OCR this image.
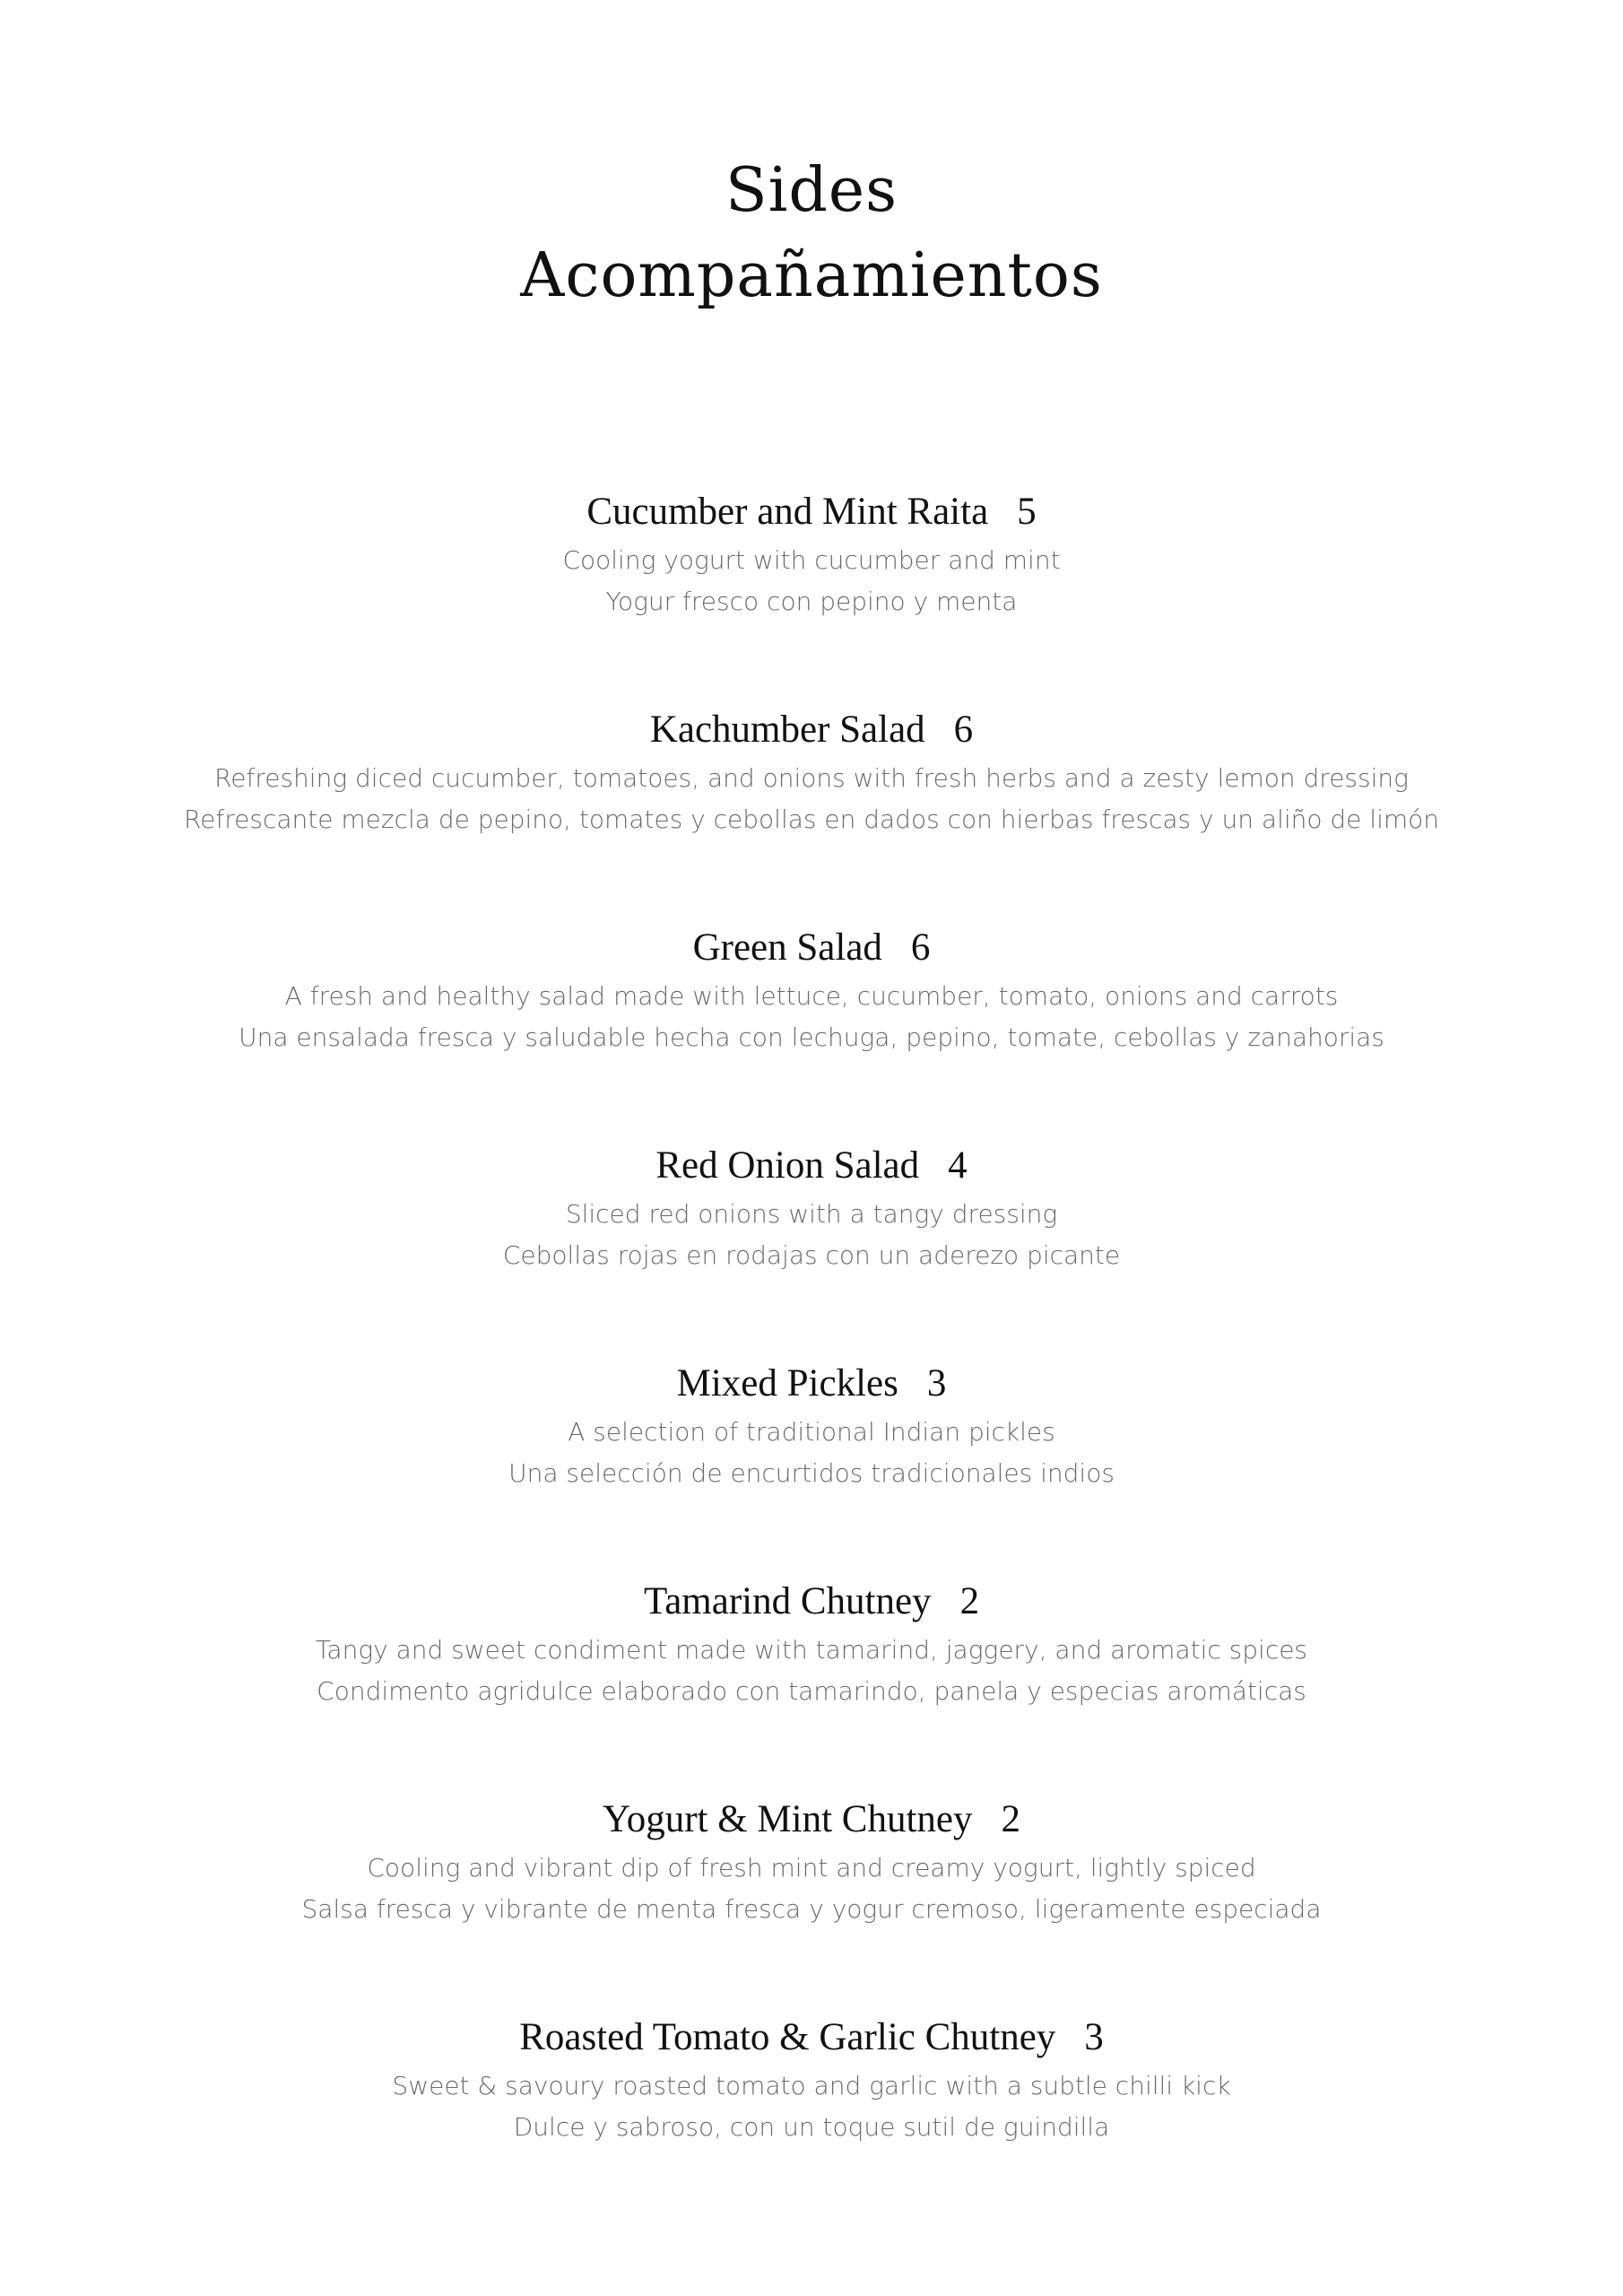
Sides
Acompañamientos
Cucumber and Mint Raita 5
Cooling yogurt with cucumber and mint
Yogur fresco con pepino y menta
Kachumber Salad 6
Refreshing diced cucumber, tomatoes, and onions with fresh herbs and a zesty lemon dressing
Refrescante mezcla de pepino, tomates y cebollas en dados con hierbas frescas y un aliño de limón
Green Salad 6
A fresh and healthy salad made with lettuce, cucumber, tomato, onions and carrots
Una ensalada fresca y saludable hecha con lechuga, pepino, tomate, cebollas y zanahorias
Red Onion Salad 4
Sliced red onions with a tangy dressing
Cebollas rojas en rodajas con un aderezo picante
Mixed Pickles 3
A selection of traditional Indian pickles
Una selección de encurtidos tradicionales indios
Tamarind Chutney 2
Tangy and sweet condiment made with tamarind, jaggery, and aromatic spices
Condimento agridulce elaborado con tamarindo, panela y especias aromáticas
Yogurt & Mint Chutney 2
Cooling and vibrant dip of fresh mint and creamy yogurt, lightly spiced
Salsa fresca y vibrante de menta fresca y yogur cremoso, ligeramente especiada
Roasted Tomato & Garlic Chutney 3
Sweet & savoury roasted tomato and garlic with a subtle chilli kick
Dulce y sabroso, con un toque sutil de guindilla
